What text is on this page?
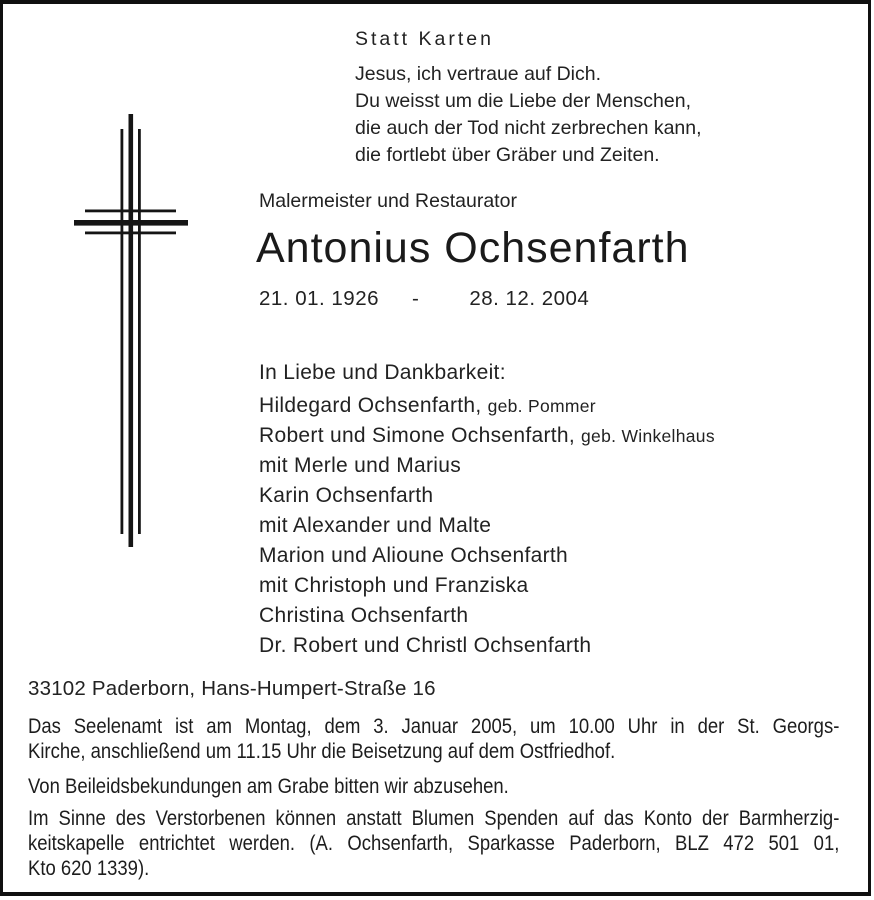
Statt Karten
Jesus, ich vertraue auf Dich.
Du weisst um die Liebe der Menschen,
die auch der Tod nicht zerbrechen kann,
die fortlebt über Gräber und Zeiten.
Malermeister und Restaurator
Antonius Ochsenfarth
21. 01. 1926 - 28. 12. 2004
In Liebe und Dankbarkeit:
Hildegard Ochsenfarth, geb. Pommer
Robert und Simone Ochsenfarth, geb. Winkelhaus
mit Merle und Marius
Karin Ochsenfarth
mit Alexander und Malte
Marion und Alioune Ochsenfarth
mit Christoph und Franziska
Christina Ochsenfarth
Dr. Robert und Christl Ochsenfarth
33102 Paderborn, Hans-Humpert-Straße 16
Das Seelenamt ist am Montag, dem 3. Januar 2005, um 10.00 Uhr in der St. Georgs-
Kirche, anschließend um 11.15 Uhr die Beisetzung auf dem Ostfriedhof.
Von Beileidsbekundungen am Grabe bitten wir abzusehen.
Im Sinne des Verstorbenen können anstatt Blumen Spenden auf das Konto der Barmherzig-
keitskapelle entrichtet werden. (A. Ochsenfarth, Sparkasse Paderborn, BLZ 472 501 01,
Kto 620 1339).
